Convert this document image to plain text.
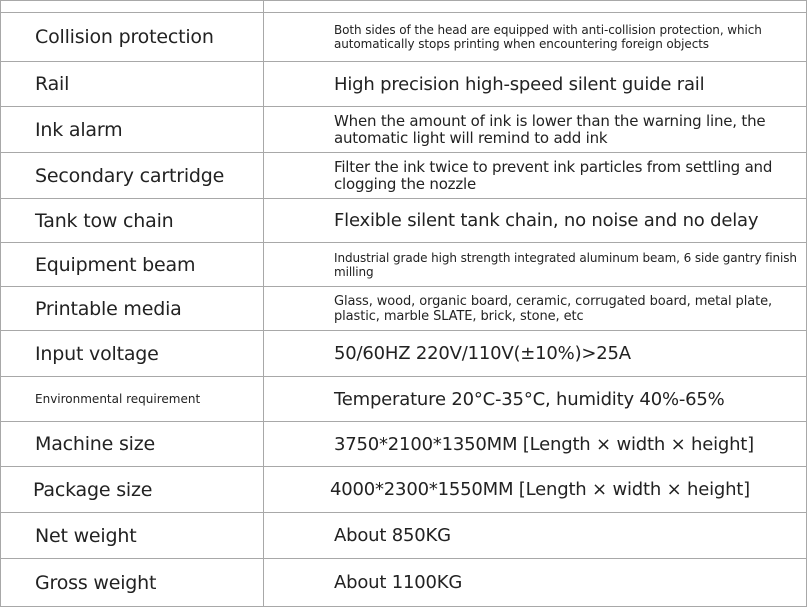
Collision protection	Both sides of the head are equipped with anti-collision protection, which automatically stops printing when encountering foreign objects
Rail	High precision high-speed silent guide rail
Ink alarm	When the amount of ink is lower than the warning line, the automatic light will remind to add ink
Secondary cartridge	Filter the ink twice to prevent ink particles from settling and clogging the nozzle
Tank tow chain	Flexible silent tank chain, no noise and no delay
Equipment beam	Industrial grade high strength integrated aluminum beam, 6 side gantry finish milling
Printable media	Glass, wood, organic board, ceramic, corrugated board, metal plate, plastic, marble SLATE, brick, stone, etc
Input voltage	50/60HZ 220V/110V(±10%)>25A
Environmental requirement	Temperature 20°C-35°C, humidity 40%-65%
Machine size	3750*2100*1350MM [Length × width × height]
Package size	4000*2300*1550MM [Length × width × height]
Net weight	About 850KG
Gross weight	About 1100KG
